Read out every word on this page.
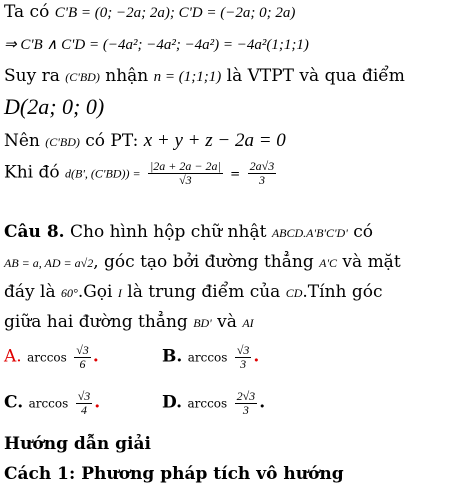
Ta có C'B = (0; −2a; 2a); C'D = (−2a; 0; 2a)
⇒ C'B ∧ C'D = (−4a²; −4a²; −4a²) = −4a²(1;1;1)
Suy ra (C'BD) nhận n = (1;1;1) là VTPT và qua điểm
D(2a; 0; 0)
Nên (C'BD) có PT: x + y + z − 2a = 0
Khi đó d(B', $(C'BD)) = \frac{|2a + 2a - 2a|}{√3} = \frac{2a√3}{3}$
Câu 8. Cho hình hộp chữ nhật ABCD.A'B'C'D' có
AB = a, AD = a√2, góc tạo bởi đường thẳng A'C và mặt
đáy là 60°.Gọi I là trung điểm của CD.Tính góc
giữa hai đường thẳng BD' và AI
A. $\arccos \frac{√3}{6}$ .	B. $\arccos \frac{√3}{3}$ .
C. $\arccos \frac{√3}{4}$ .	D. $\arccos \frac{2√3}{3}$ .
Hướng dẫn giải
Cách 1: Phương pháp tích vô hướng
